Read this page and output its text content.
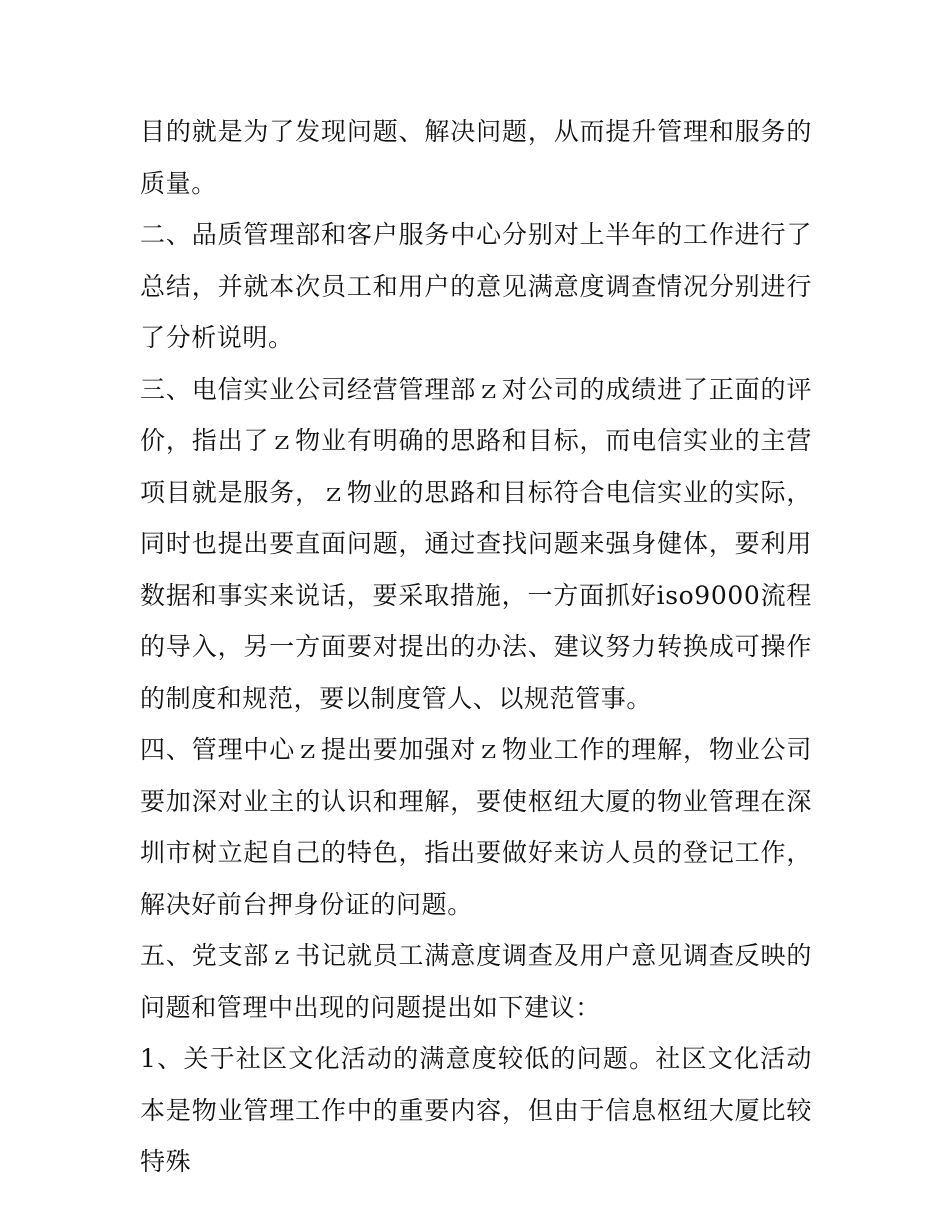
目的就是为了发现问题、解决问题，从而提升管理和服务的质量。

二、品质管理部和客户服务中心分别对上半年的工作进行了总结，并就本次员工和用户的意见满意度调查情况分别进行了分析说明。

三、电信实业公司经营管理部ｚ对公司的成绩进了正面的评价，指出了ｚ物业有明确的思路和目标，而电信实业的主营项目就是服务，ｚ物业的思路和目标符合电信实业的实际，同时也提出要直面问题，通过查找问题来强身健体，要利用数据和事实来说话，要采取措施，一方面抓好iso9000流程的导入，另一方面要对提出的办法、建议努力转换成可操作的制度和规范，要以制度管人、以规范管事。

四、管理中心ｚ提出要加强对ｚ物业工作的理解，物业公司要加深对业主的认识和理解，要使枢纽大厦的物业管理在深圳市树立起自己的特色，指出要做好来访人员的登记工作，解决好前台押身份证的问题。

五、党支部ｚ书记就员工满意度调查及用户意见调查反映的问题和管理中出现的问题提出如下建议：

1、关于社区文化活动的满意度较低的问题。社区文化活动本是物业管理工作中的重要内容，但由于信息枢纽大厦比较特殊
